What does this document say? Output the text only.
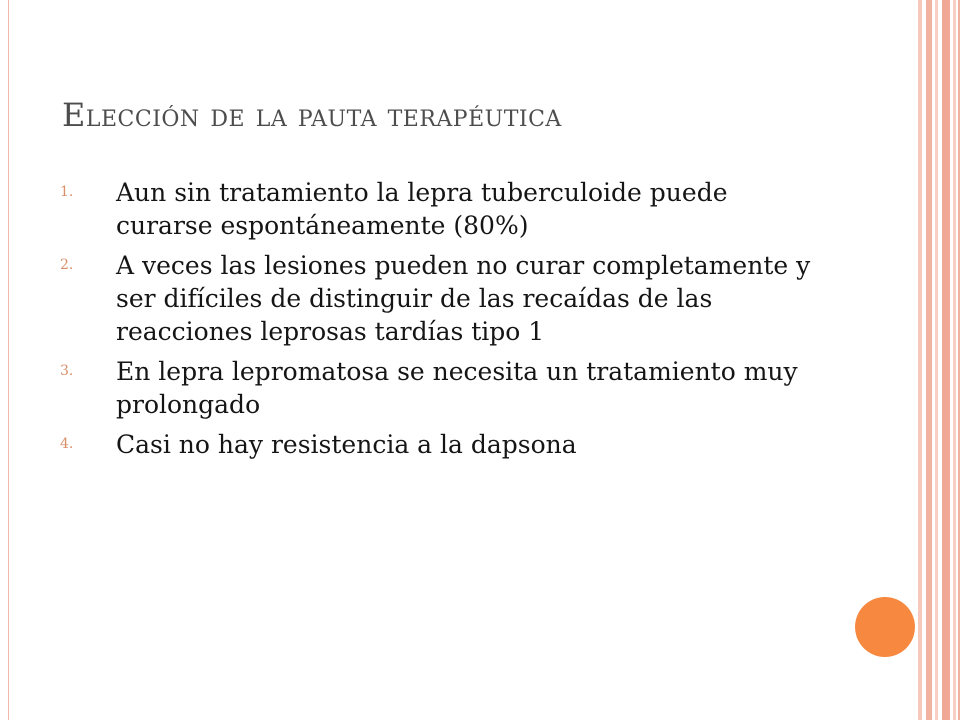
Elección de la pauta terapéutica
1. Aun sin tratamiento la lepra tuberculoide puede curarse espontáneamente (80%)
2. A veces las lesiones pueden no curar completamente y ser difíciles de distinguir de las recaídas de las reacciones leprosas tardías tipo 1
3. En lepra lepromatosa se necesita un tratamiento muy prolongado
4. Casi no hay resistencia a la dapsona
